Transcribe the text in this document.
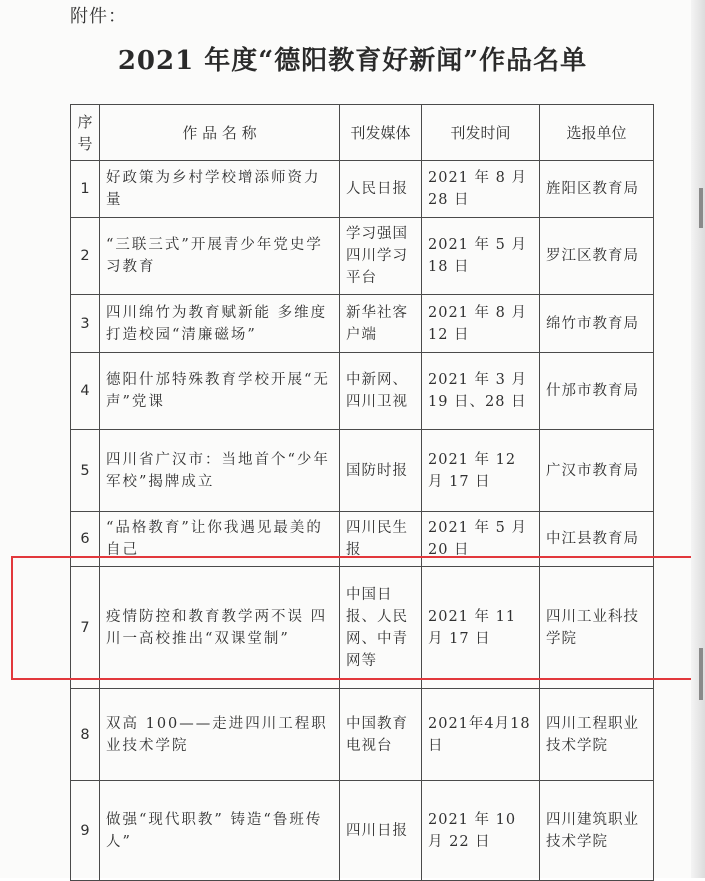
附件：
2021 年度“德阳教育好新闻”作品名单
序号	作 品 名 称	刊发媒体	刊发时间	选报单位
1	好政策为乡村学校增添师资力量	人民日报	2021 年 8 月 28 日	旌阳区教育局
2	“三联三式”开展青少年党史学习教育	学习强国四川学习平台	2021 年 5 月 18 日	罗江区教育局
3	四川绵竹为教育赋新能 多维度打造校园“清廉磁场”	新华社客户端	2021 年 8 月 12 日	绵竹市教育局
4	德阳什邡特殊教育学校开展“无声”党课	中新网、四川卫视	2021 年 3 月 19 日、28 日	什邡市教育局
5	四川省广汉市：当地首个“少年军校”揭牌成立	国防时报	2021 年 12 月 17 日	广汉市教育局
6	“品格教育”让你我遇见最美的自己	四川民生报	2021 年 5 月 20 日	中江县教育局
7	疫情防控和教育教学两不误 四川一高校推出“双课堂制”	中国日报、人民网、中青网等	2021 年 11 月 17 日	四川工业科技学院
8	双高 100——走进四川工程职业技术学院	中国教育电视台	2021年4月18日	四川工程职业技术学院
9	做强“现代职教” 铸造“鲁班传人”	四川日报	2021 年 10 月 22 日	四川建筑职业技术学院
